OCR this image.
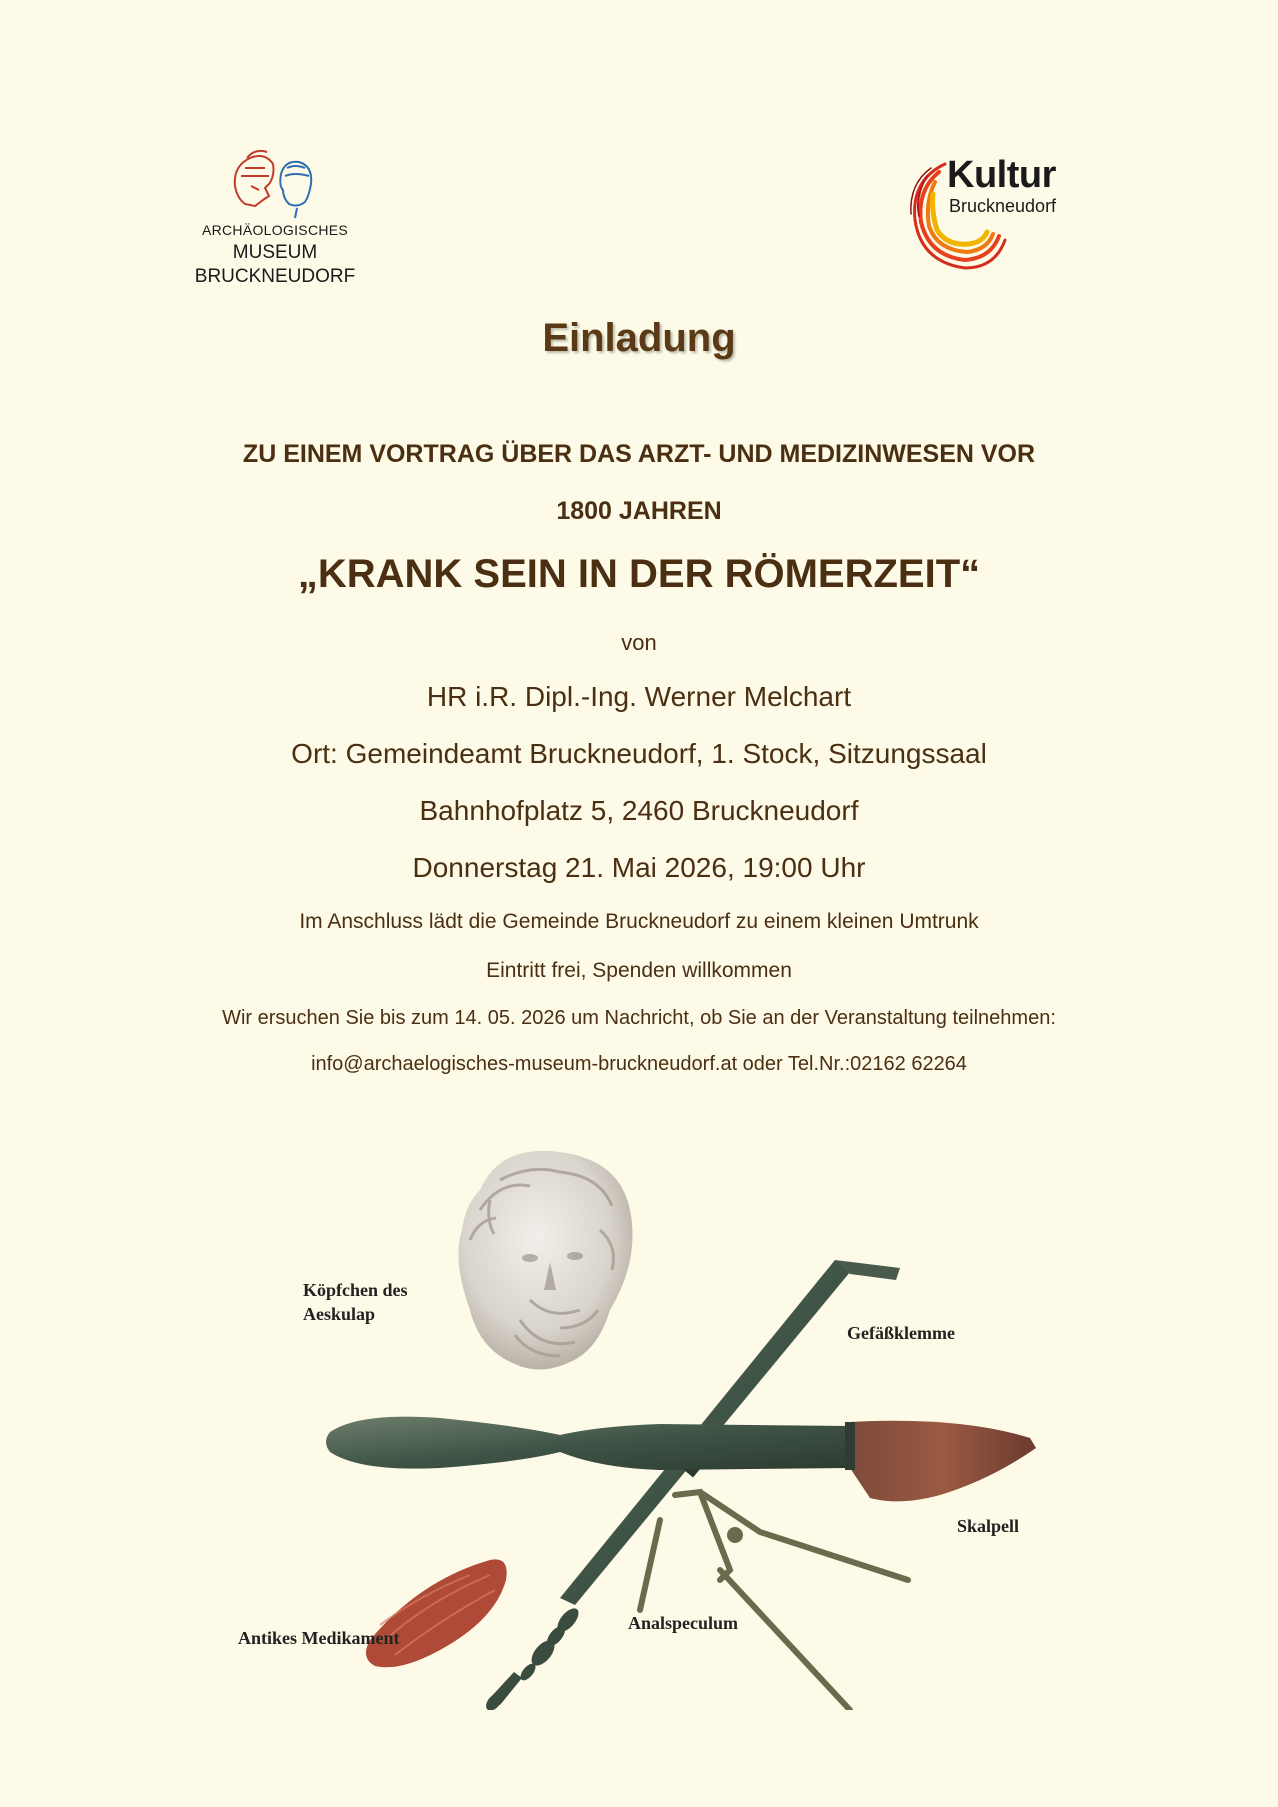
ARCHÄOLOGISCHES
MUSEUM
BRUCKNEUDORF
Kultur
Bruckneudorf
Einladung
ZU EINEM VORTRAG ÜBER DAS ARZT- UND MEDIZINWESEN VOR
1800 JAHREN
„KRANK SEIN IN DER RÖMERZEIT“
von
HR i.R. Dipl.-Ing. Werner Melchart
Ort: Gemeindeamt Bruckneudorf, 1. Stock, Sitzungssaal
Bahnhofplatz 5, 2460 Bruckneudorf
Donnerstag 21. Mai 2026, 19:00 Uhr
Im Anschluss lädt die Gemeinde Bruckneudorf zu einem kleinen Umtrunk
Eintritt frei, Spenden willkommen
Wir ersuchen Sie bis zum 14. 05. 2026 um Nachricht, ob Sie an der Veranstaltung teilnehmen:
info@archaelogisches-museum-bruckneudorf.at oder Tel.Nr.:02162 62264
Köpfchen des
Aeskulap
Gefäßklemme
Skalpell
Analspeculum
Antikes Medikament
